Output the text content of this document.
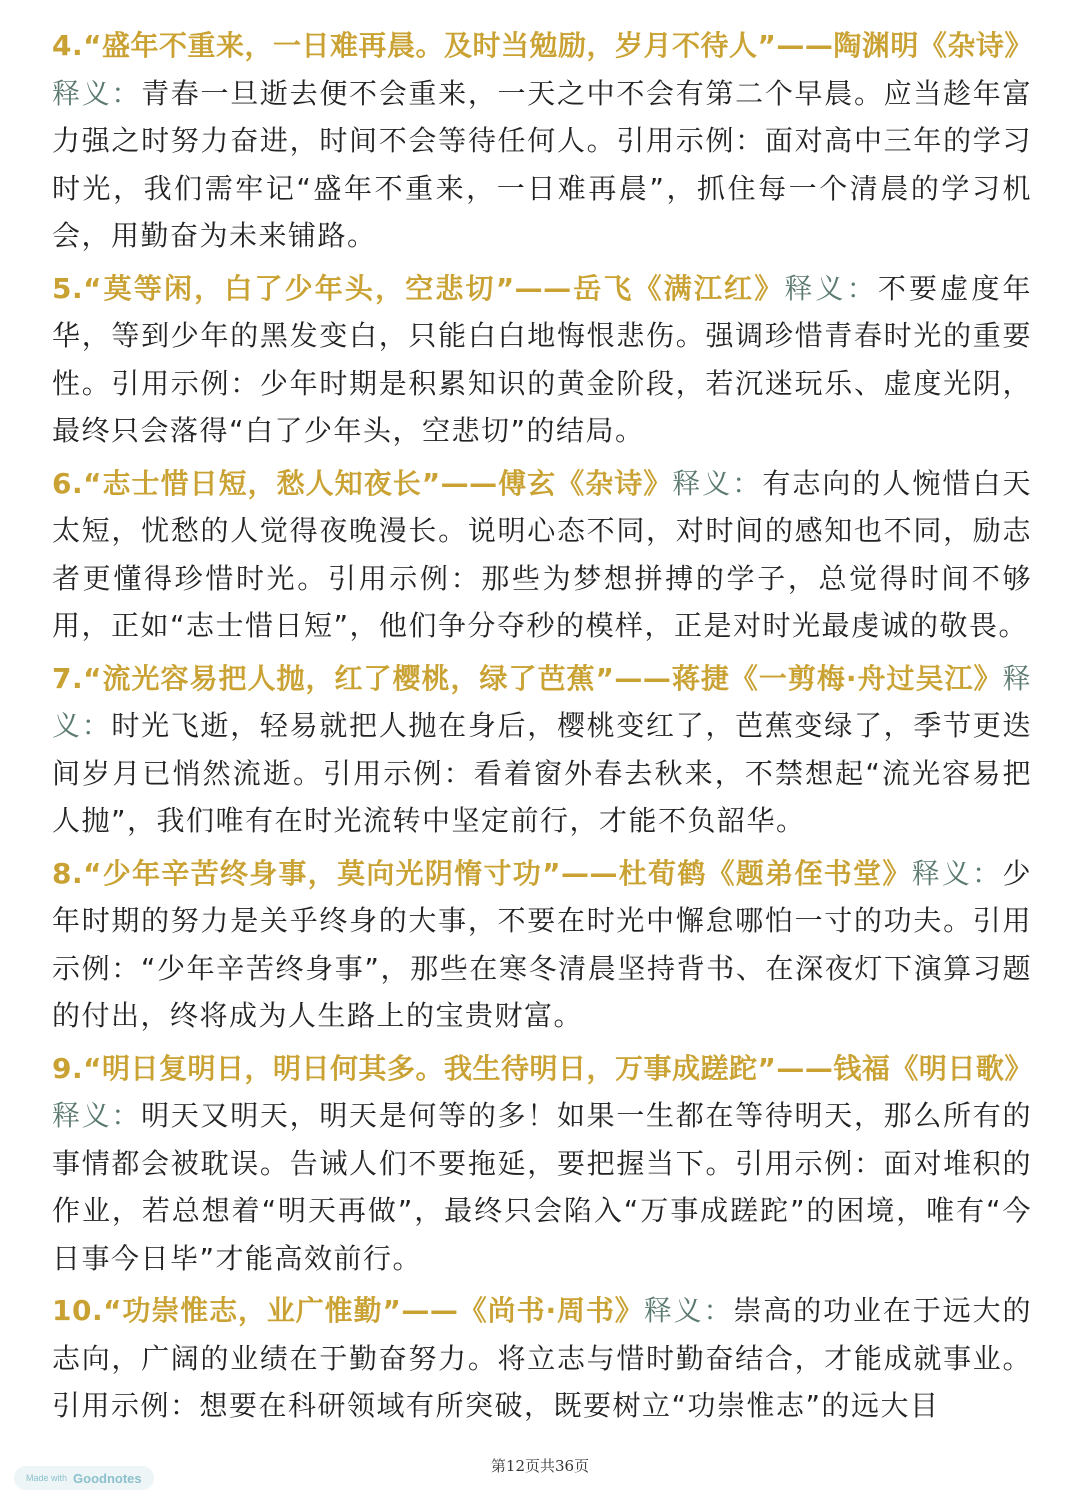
4.“盛年不重来，一日难再晨。及时当勉励，岁月不待人”——陶渊明《杂诗》释义：青春一旦逝去便不会重来，一天之中不会有第二个早晨。应当趁年富力强之时努力奋进，时间不会等待任何人。引用示例：面对高中三年的学习时光，我们需牢记“盛年不重来，一日难再晨”，抓住每一个清晨的学习机会，用勤奋为未来铺路。

5.“莫等闲，白了少年头，空悲切”——岳飞《满江红》释义：不要虚度年华，等到少年的黑发变白，只能白白地悔恨悲伤。强调珍惜青春时光的重要性。引用示例：少年时期是积累知识的黄金阶段，若沉迷玩乐、虚度光阴，最终只会落得“白了少年头，空悲切”的结局。

6.“志士惜日短，愁人知夜长”——傅玄《杂诗》释义：有志向的人惋惜白天太短，忧愁的人觉得夜晚漫长。说明心态不同，对时间的感知也不同，励志者更懂得珍惜时光。引用示例：那些为梦想拼搏的学子，总觉得时间不够用，正如“志士惜日短”，他们争分夺秒的模样，正是对时光最虔诚的敬畏。

7.“流光容易把人抛，红了樱桃，绿了芭蕉”——蒋捷《一剪梅·舟过吴江》释义：时光飞逝，轻易就把人抛在身后，樱桃变红了，芭蕉变绿了，季节更迭间岁月已悄然流逝。引用示例：看着窗外春去秋来，不禁想起“流光容易把人抛”，我们唯有在时光流转中坚定前行，才能不负韶华。

8.“少年辛苦终身事，莫向光阴惰寸功”——杜荀鹤《题弟侄书堂》释义：少年时期的努力是关乎终身的大事，不要在时光中懈怠哪怕一寸的功夫。引用示例：“少年辛苦终身事”，那些在寒冬清晨坚持背书、在深夜灯下演算习题的付出，终将成为人生路上的宝贵财富。

9.“明日复明日，明日何其多。我生待明日，万事成蹉跎”——钱福《明日歌》释义：明天又明天，明天是何等的多！如果一生都在等待明天，那么所有的事情都会被耽误。告诫人们不要拖延，要把握当下。引用示例：面对堆积的作业，若总想着“明天再做”，最终只会陷入“万事成蹉跎”的困境，唯有“今日事今日毕”才能高效前行。

10.“功崇惟志，业广惟勤”——《尚书·周书》释义：崇高的功业在于远大的志向，广阔的业绩在于勤奋努力。将立志与惜时勤奋结合，才能成就事业。引用示例：想要在科研领域有所突破，既要树立“功崇惟志”的远大目

第12页共36页
Made with Goodnotes
